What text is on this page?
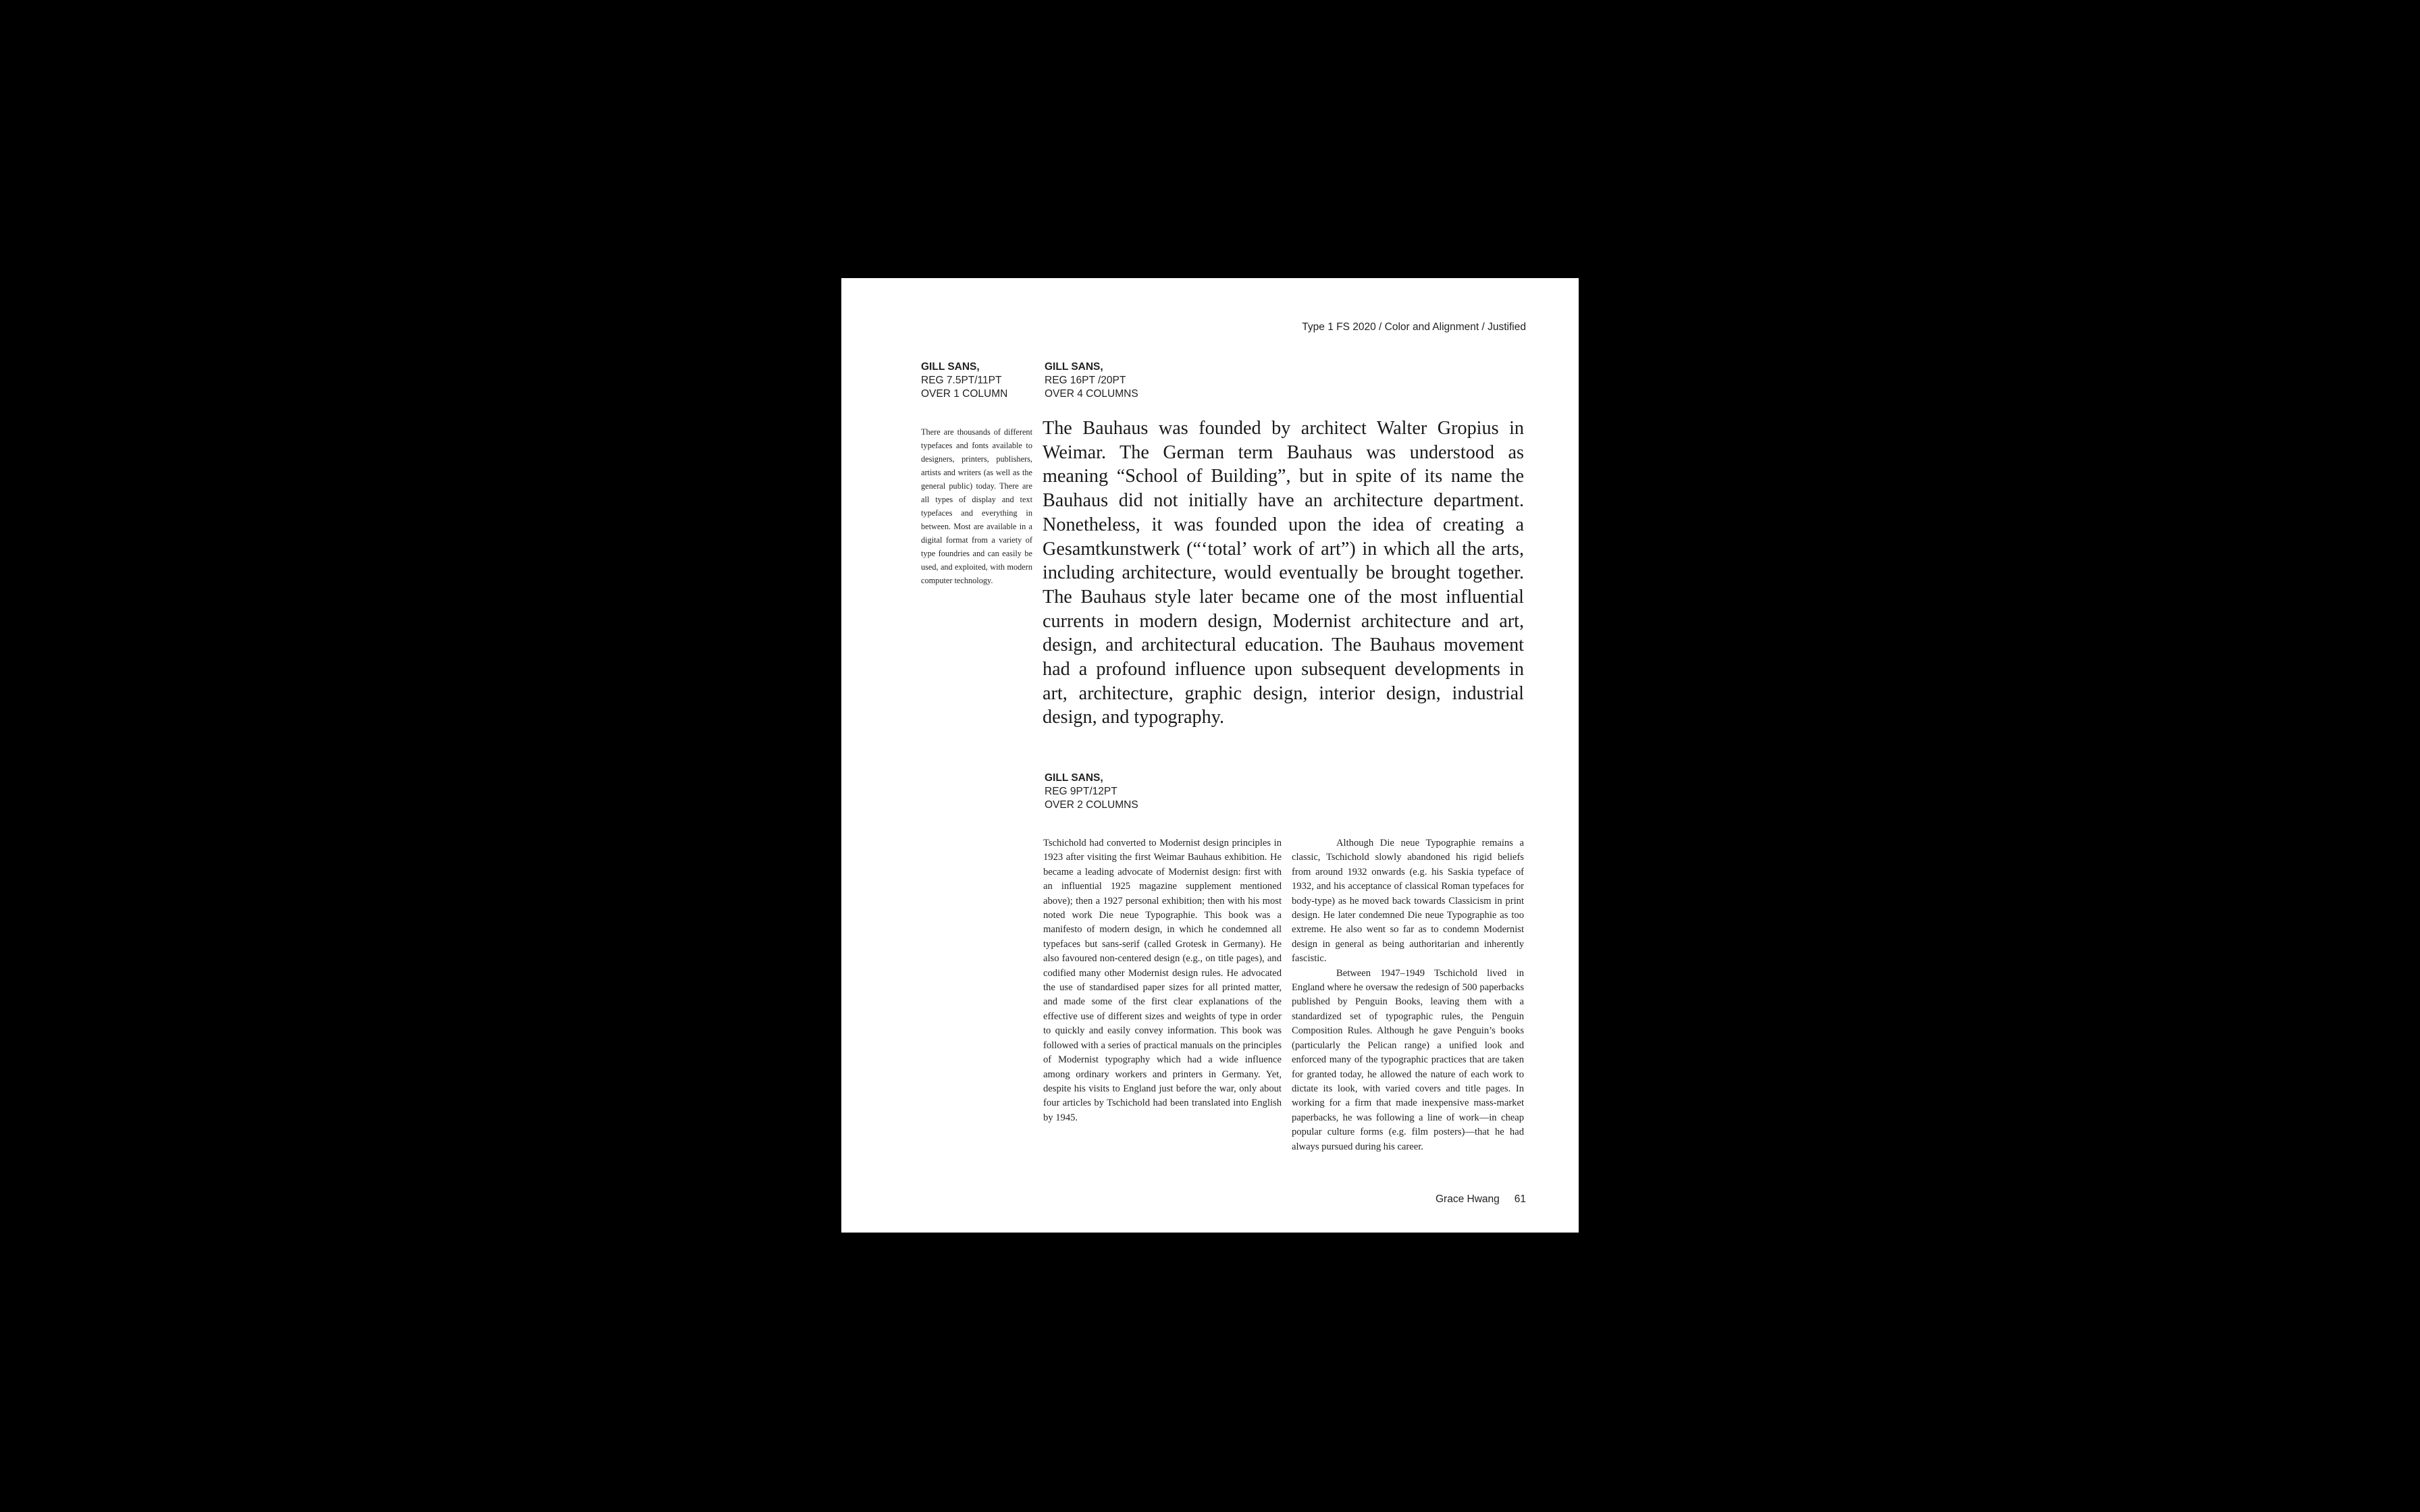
Type 1 FS 2020 / Color and Alignment / Justified
GILL SANS,
REG 7.5PT/11PT
OVER 1 COLUMN
GILL SANS,
REG 16PT /20PT
OVER 4 COLUMNS

There are thousands of different typefaces and fonts available to designers, printers, publishers, artists and writers (as well as the general public) today. There are all types of display and text typefaces and everything in between. Most are available in a digital format from a variety of type foundries and can easily be used, and exploited, with modern computer technology.

The Bauhaus was founded by architect Walter Gropius in Weimar. The German term Bauhaus was understood as meaning “School of Building”, but in spite of its name the Bauhaus did not initially have an architecture department. Nonetheless, it was founded upon the idea of creating a Gesamtkunstwerk (“‘total’ work of art”) in which all the arts, including architecture, would eventually be brought together. The Bauhaus style later became one of the most influential currents in modern design, Modernist architecture and art, design, and architectural education. The Bauhaus movement had a profound influence upon subsequent developments in art, architecture, graphic design, interior design, industrial design, and typography.

GILL SANS,
REG 9PT/12PT
OVER 2 COLUMNS

Tschichold had converted to Modernist design principles in 1923 after visiting the first Weimar Bauhaus exhibition. He became a leading advocate of Modernist design: first with an influential 1925 magazine supplement mentioned above); then a 1927 personal exhibition; then with his most noted work Die neue Typographie. This book was a manifesto of modern design, in which he condemned all typefaces but sans-serif (called Grotesk in Germany). He also favoured non-centered design (e.g., on title pages), and codified many other Modernist design rules. He advocated the use of standardised paper sizes for all printed matter, and made some of the first clear explanations of the effective use of different sizes and weights of type in order to quickly and easily convey information. This book was followed with a series of practical manuals on the principles of Modernist typography which had a wide influence among ordinary workers and printers in Germany. Yet, despite his visits to England just before the war, only about four articles by Tschichold had been translated into English by 1945.

Although Die neue Typographie remains a classic, Tschichold slowly abandoned his rigid beliefs from around 1932 onwards (e.g. his Saskia typeface of 1932, and his acceptance of classical Roman typefaces for body-type) as he moved back towards Classicism in print design. He later condemned Die neue Typographie as too extreme. He also went so far as to condemn Modernist design in general as being authoritarian and inherently fascistic.

Between 1947–1949 Tschichold lived in England where he oversaw the redesign of 500 paperbacks published by Penguin Books, leaving them with a standardized set of typographic rules, the Penguin Composition Rules. Although he gave Penguin’s books (particularly the Pelican range) a unified look and enforced many of the typographic practices that are taken for granted today, he allowed the nature of each work to dictate its look, with varied covers and title pages. In working for a firm that made inexpensive mass-market paperbacks, he was following a line of work—in cheap popular culture forms (e.g. film posters)—that he had always pursued during his career.

Grace Hwang 61
